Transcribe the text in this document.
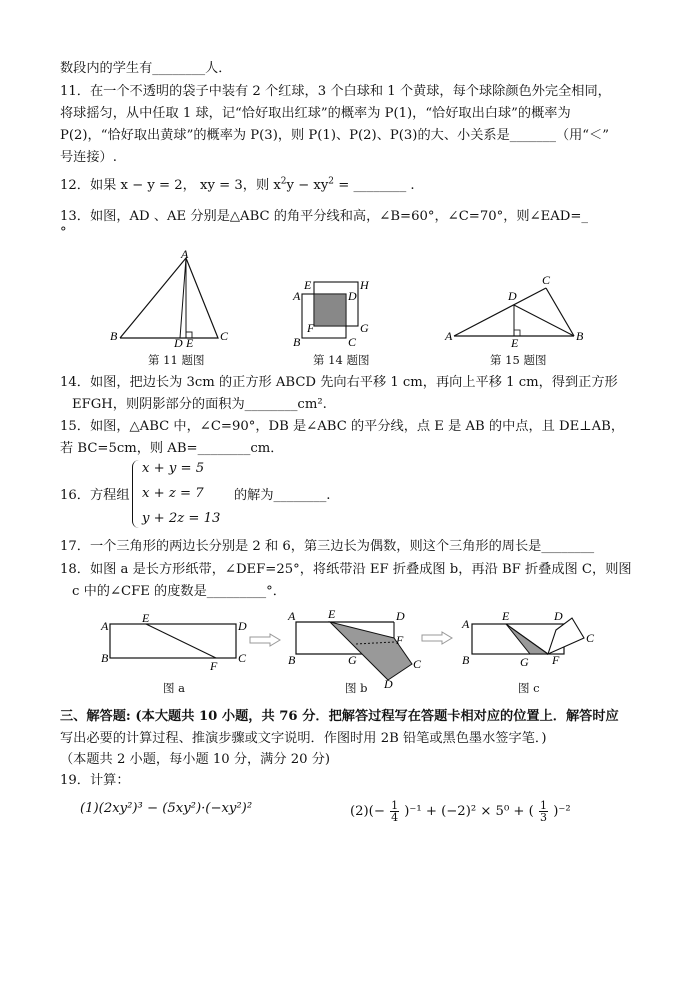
数段内的学生有________人．
11．在一个不透明的袋子中装有 2 个红球，3 个白球和 1 个黄球，每个球除颜色外完全相同，
将球摇匀，从中任取 1 球，记“恰好取出红球”的概率为 P(1)，“恰好取出白球”的概率为
P(2)，“恰好取出黄球”的概率为 P(3)，则 P(1)、P(2)、P(3)的大、小关系是_______（用“＜”
号连接）.
12．如果 x − y = 2， xy = 3，则 $x^2y - xy^2$ = ________ .
13．如图，AD 、AE 分别是△ABC 的角平分线和高，∠B=60°，∠C=70°，则∠EAD=_
°
A
B	C
D E
第 11 题图
E	H
A	D
F	G
B	C
第 14 题图
C
D
A	E	B
第 15 题图
14．如图，把边长为 3cm 的正方形 ABCD 先向右平移 1 cm，再向上平移 1 cm，得到正方形
EFGH，则阴影部分的面积为________cm².
15．如图，△ABC 中，∠C=90°，DB 是∠ABC 的平分线，点 E 是 AB 的中点，且 DE⊥AB，
若 BC=5cm，则 AB=________cm．
16．方程组
x + y = 5
x + z = 7
y + 2z = 13
的解为________.
17．一个三角形的两边长分别是 2 和 6，第三边长为偶数，则这个三角形的周长是________
18．如图 a 是长方形纸带，∠DEF=25°，将纸带沿 EF 折叠成图 b，再沿 BF 折叠成图 C，则图
c 中的∠CFE 的度数是_________°．
A
E
D
B
F
C
图 a
A	E	D
B	G
F
C
D
图 b
A
E	D
B	G F
C
图 c
三、解答题: (本大题共 10 小题，共 76 分．把解答过程写在答题卡相对应的位置上．解答时应
写出必要的计算过程、推演步骤或文字说明．作图时用 2B 铅笔或黑色墨水签字笔．)
（本题共 2 小题，每小题 10 分，满分 20 分)
19．计算：
(1)(2xy²)³ − (5xy²)·(−xy²)²	$(2)(- \frac{1}{4} )^{-1} + (-2)^2 \times 5^0$ + ( $\frac{1}{3} )^{-2}$
